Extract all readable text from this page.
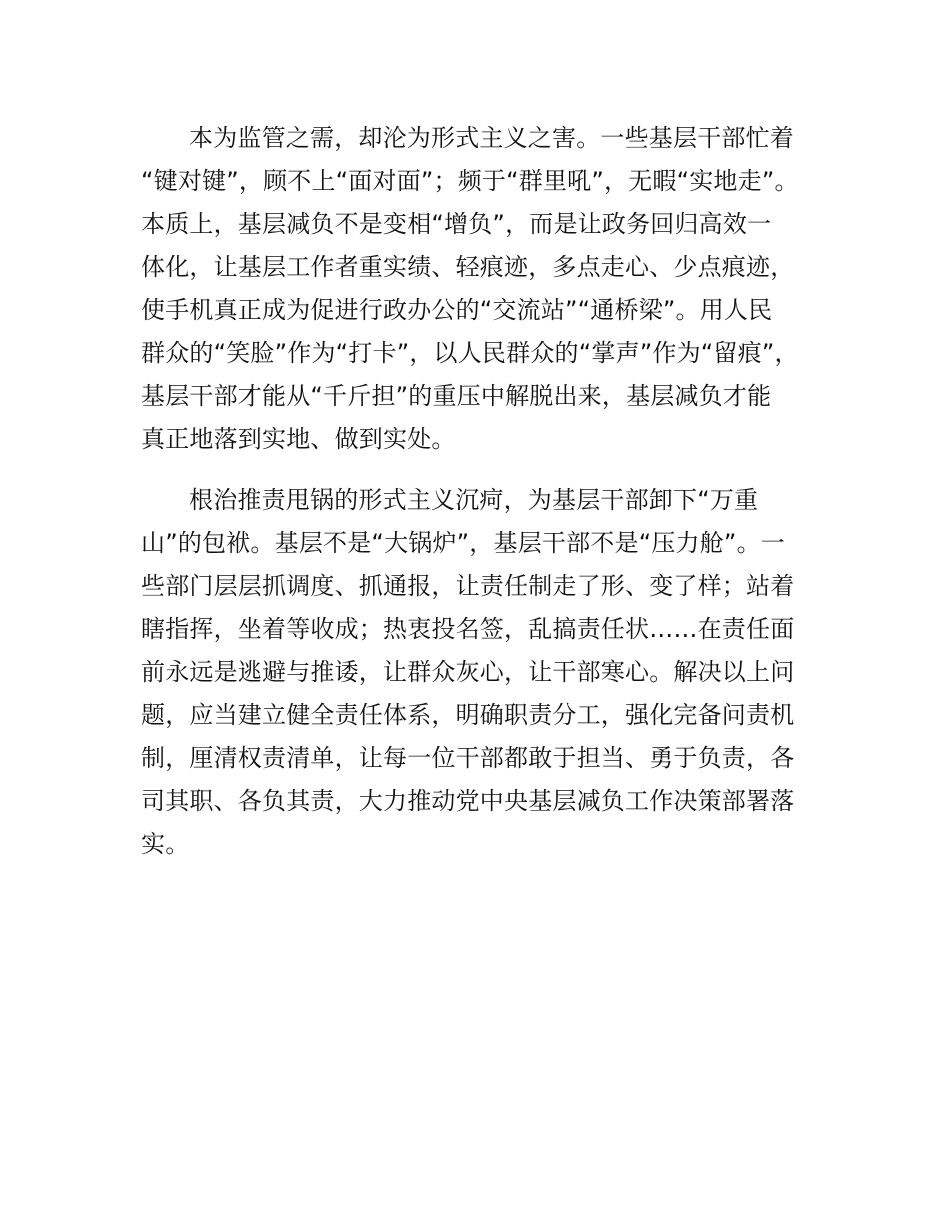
本为监管之需，却沦为形式主义之害。一些基层干部忙着
“键对键”，顾不上“面对面”；频于“群里吼”，无暇“实地走”。
本质上，基层减负不是变相“增负”，而是让政务回归高效一
体化，让基层工作者重实绩、轻痕迹，多点走心、少点痕迹，
使手机真正成为促进行政办公的“交流站”“通桥梁”。用人民
群众的“笑脸”作为“打卡”，以人民群众的“掌声”作为“留痕”，
基层干部才能从“千斤担”的重压中解脱出来，基层减负才能
真正地落到实地、做到实处。
根治推责甩锅的形式主义沉疴，为基层干部卸下“万重
山”的包袱。基层不是“大锅炉”，基层干部不是“压力舱”。一
些部门层层抓调度、抓通报，让责任制走了形、变了样；站着
瞎指挥，坐着等收成；热衷投名签，乱搞责任状……在责任面
前永远是逃避与推诿，让群众灰心，让干部寒心。解决以上问
题，应当建立健全责任体系，明确职责分工，强化完备问责机
制，厘清权责清单，让每一位干部都敢于担当、勇于负责，各
司其职、各负其责，大力推动党中央基层减负工作决策部署落
实。
